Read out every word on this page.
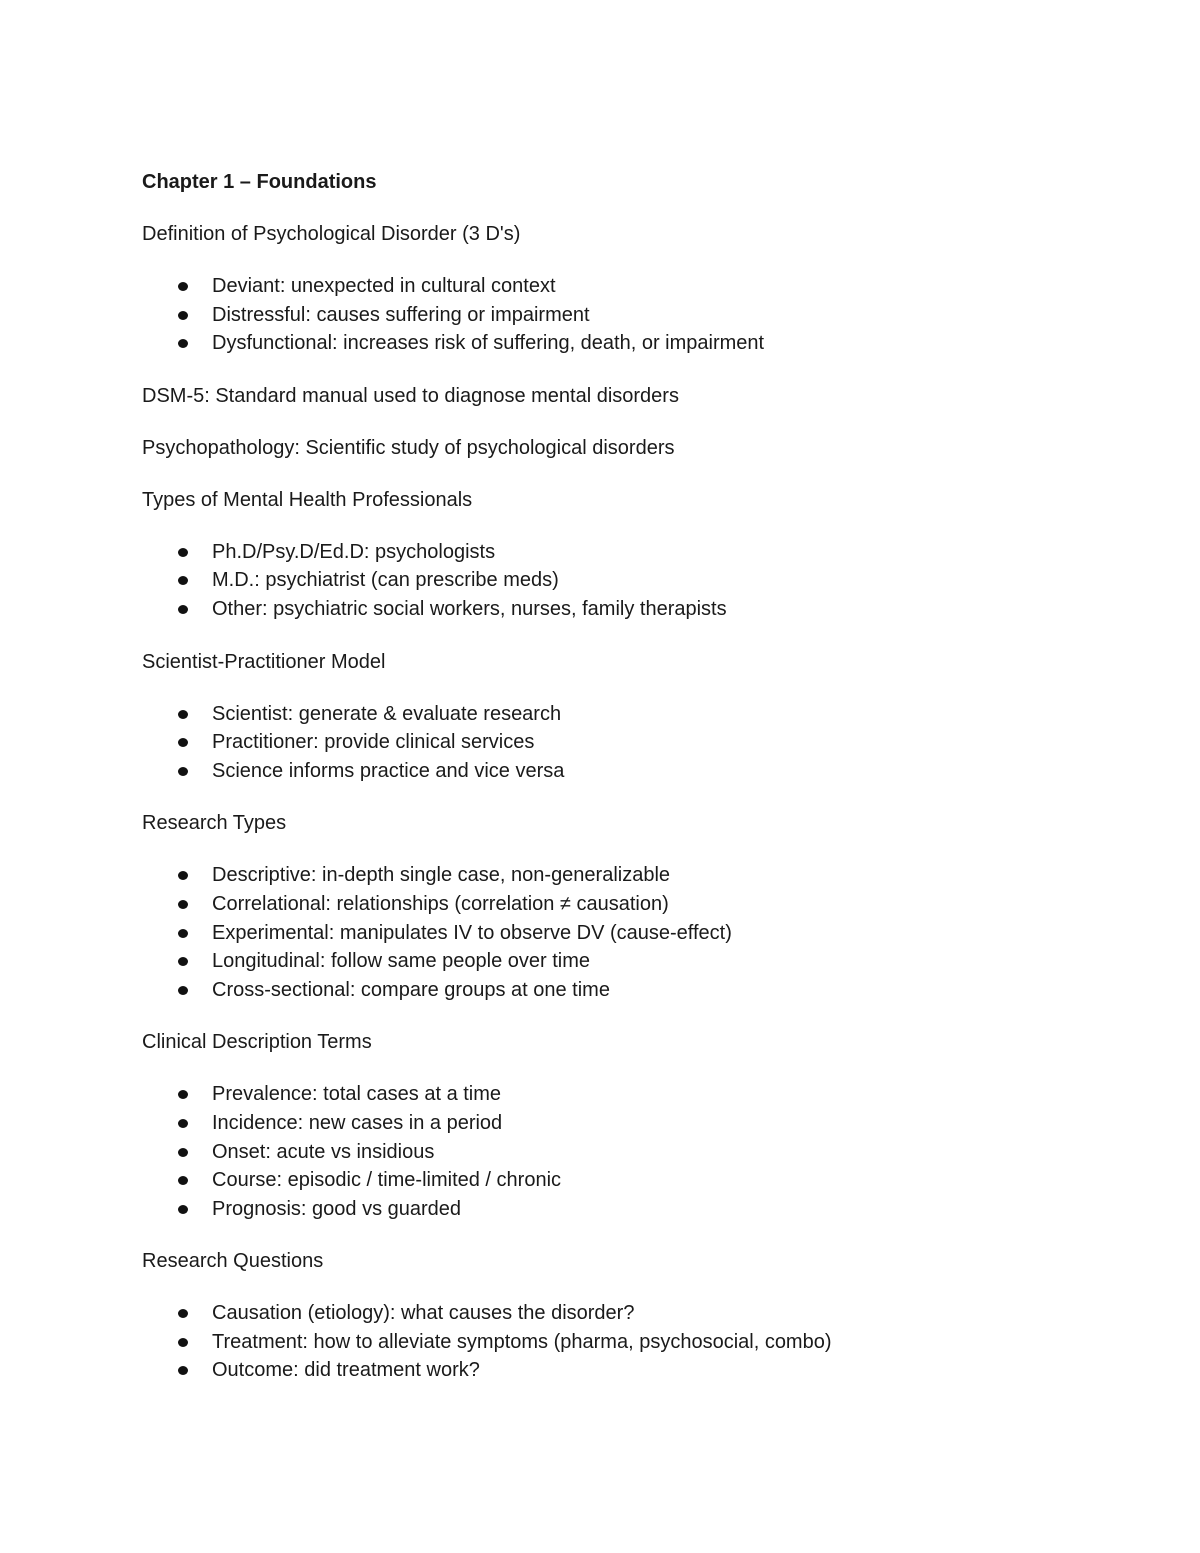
Chapter 1 – Foundations
Definition of Psychological Disorder (3 D's)
Deviant: unexpected in cultural context
Distressful: causes suffering or impairment
Dysfunctional: increases risk of suffering, death, or impairment
DSM-5: Standard manual used to diagnose mental disorders
Psychopathology: Scientific study of psychological disorders
Types of Mental Health Professionals
Ph.D/Psy.D/Ed.D: psychologists
M.D.: psychiatrist (can prescribe meds)
Other: psychiatric social workers, nurses, family therapists
Scientist-Practitioner Model
Scientist: generate & evaluate research
Practitioner: provide clinical services
Science informs practice and vice versa
Research Types
Descriptive: in-depth single case, non-generalizable
Correlational: relationships (correlation ≠ causation)
Experimental: manipulates IV to observe DV (cause-effect)
Longitudinal: follow same people over time
Cross-sectional: compare groups at one time
Clinical Description Terms
Prevalence: total cases at a time
Incidence: new cases in a period
Onset: acute vs insidious
Course: episodic / time-limited / chronic
Prognosis: good vs guarded
Research Questions
Causation (etiology): what causes the disorder?
Treatment: how to alleviate symptoms (pharma, psychosocial, combo)
Outcome: did treatment work?
